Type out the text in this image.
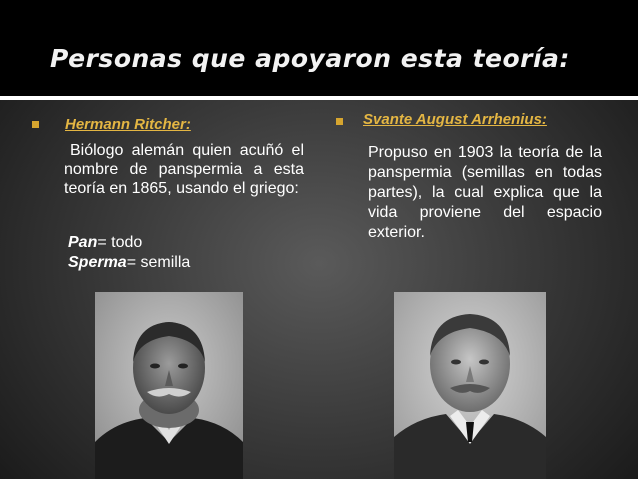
Personas que apoyaron esta teoría:
Hermann Ritcher:
Biólogo alemán quien acuñó el nombre de panspermia a esta teoría en 1865, usando el griego:
Pan= todo
Sperma= semilla
Svante August Arrhenius:
Propuso en 1903 la teoría de la panspermia (semillas en todas partes), la cual explica que la vida proviene del espacio exterior.
